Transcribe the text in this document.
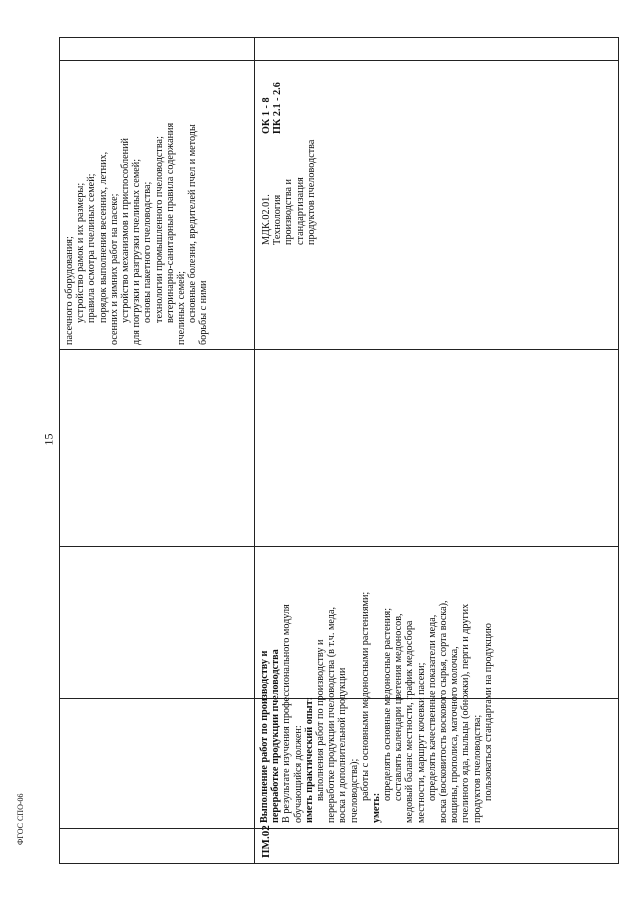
15
ФГОС СПО-06
пасечного оборудования; устройство рамок и их размеры; правила осмотра пчелиных семей; порядок выполнения весенних, летних, осенних и зимних работ на пасеке; устройство механизмов и приспособлений для погрузки и разгрузки пчелиных семей; основы пакетного пчеловодства; технологии промышленного пчеловодства; ветеринарно-санитарные правила содержания пчелиных семей; основные болезни, вредителей пчел и методы борьбы с ними
ПМ.02
Выполнение работ по производству и переработке продукции пчеловодства В результате изучения профессионального модуля обучающийся должен: иметь практический опыт: выполнения работ по производству и переработке продукции пчеловодства (в т.ч. меда, воска и дополнительной продукции пчеловодства); работы с основными медоносными растениями;
уметь:
определять основные медоносные растения; составлять календари цветения медоносов, медовый баланс местности, график медосбора местности, маршрут кочевки пасеки; определять качественные показатели меда, воска (восковитость воскового сырья, сорта воска), вощины, прополиса, маточного молочка, пчелиного яда, пыльцы (обножки), перги и других продуктов пчеловодства; пользоваться стандартами на продукцию
МДК.02.01. Технология производства и стандартизация продуктов пчеловодства
ОК 1 - 8 ПК 2.1 - 2.6
